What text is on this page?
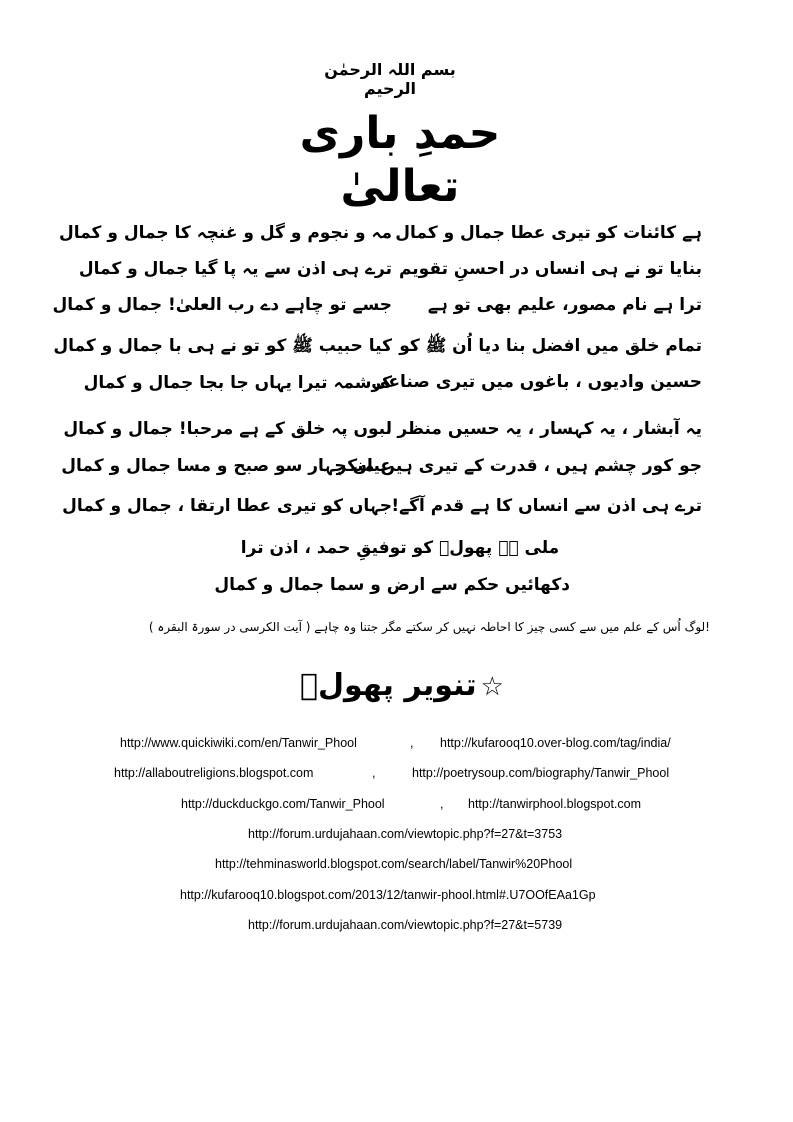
بسم اللہ الرحمٰن الرحیم
حمدِ باری تعالیٰ
ہے کائنات کو تیری عطا جمال و کمال
مہ و نجوم و گل و غنچہ کا جمال و کمال
بنایا تو نے ہی انساں در احسنِ تقویم
ترے ہی اذن سے یہ پا گیا جمال و کمال
ترا ہے نام مصور، علیم بھی تو ہے
جسے تو چاہے دے رب العلیٰ! جمال و کمال
تمام خلق میں افضل بنا دیا اُن ﷺ کو
کیا حبیب ﷺ کو تو نے ہی با جمال و کمال
حسین وادیوں ، باغوں میں تیری صناعی
کرشمہ تیرا یہاں جا بجا جمال و کمال
یہ آبشار ، یہ کہسار ، یہ حسیں منظر
لبوں پہ خلق کے ہے مرحبا! جمال و کمال
جو کور چشم ہیں ، قدرت کے تیری ہیں منکر
عیاں چہار سو صبح و مسا جمال و کمال
ترے ہی اذن سے انساں کا ہے قدم آگے!
جہاں کو تیری عطا ارتقا ، جمال و کمال
ملی ہے پھولؔ کو توفیقِ حمد ، اذن ترا
دکھائیں حکم سے ارض و سما جمال و کمال
!لوگ اُس کے علم میں سے کسی چیز کا احاطہ نہیں کر سکتے مگر جتنا وہ چاہے ( آیت الکرسی در سورۃ البقرہ )
تنویر پھولؔ ☆
http://www.quickiwiki.com/en/Tanwir_Phool	, http://kufarooq10.over-blog.com/tag/india/
http://allaboutreligions.blogspot.com	,	http://poetrysoup.com/biography/Tanwir_Phool
http://duckduckgo.com/Tanwir_Phool	, http://tanwirphool.blogspot.com
http://forum.urdujahaan.com/viewtopic.php?f=27&t=3753
http://tehminasworld.blogspot.com/search/label/Tanwir%20Phool
http://kufarooq10.blogspot.com/2013/12/tanwir-phool.html#.U7OOfEAa1Gp
http://forum.urdujahaan.com/viewtopic.php?f=27&t=5739
